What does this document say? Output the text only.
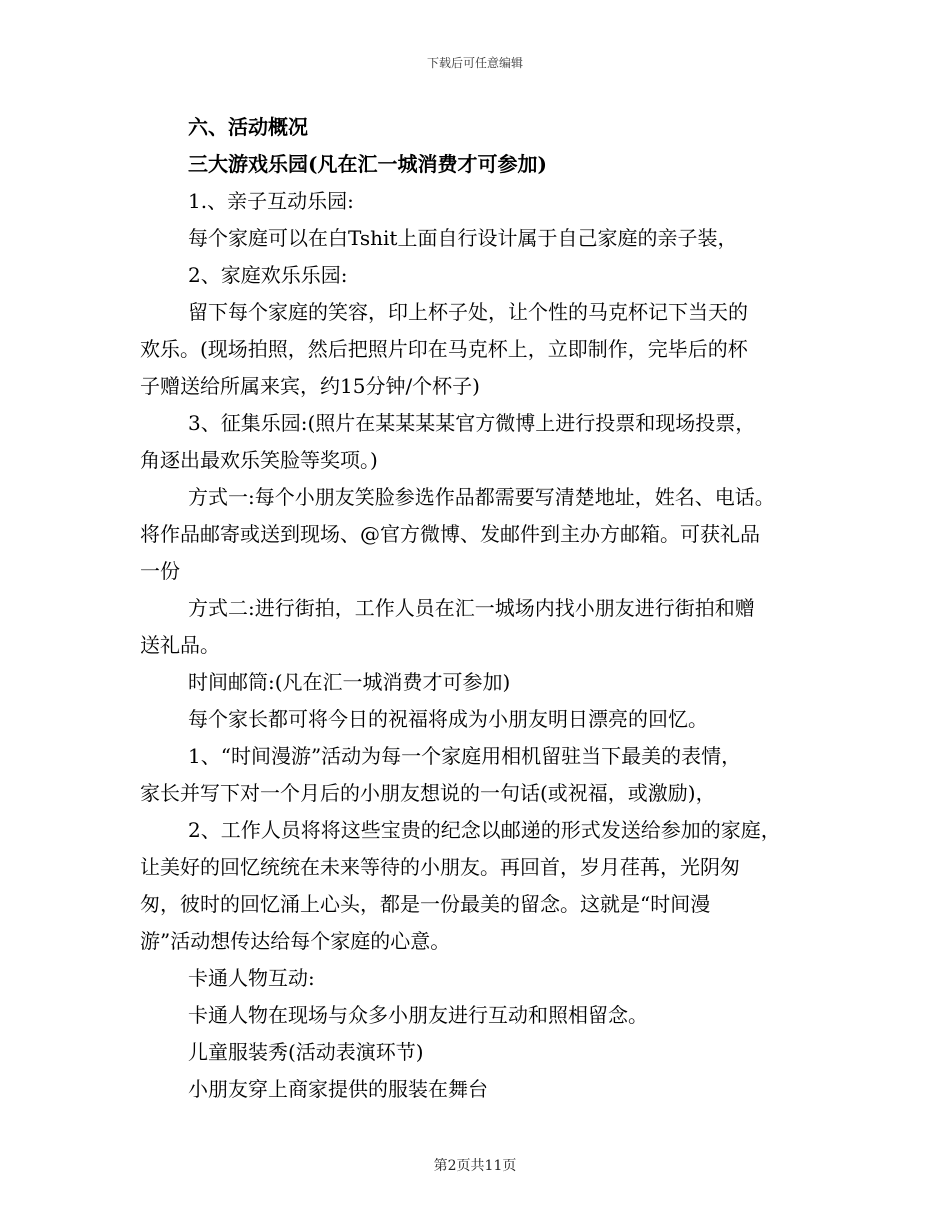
下载后可任意编辑
六、活动概况
三大游戏乐园(凡在汇一城消费才可参加)
1.、亲子互动乐园:
每个家庭可以在白Tshit上面自行设计属于自己家庭的亲子装，
2、家庭欢乐乐园:
留下每个家庭的笑容，印上杯子处，让个性的马克杯记下当天的
欢乐。(现场拍照，然后把照片印在马克杯上，立即制作，完毕后的杯
子赠送给所属来宾，约15分钟/个杯子)
3、征集乐园:(照片在某某某某官方微博上进行投票和现场投票，
角逐出最欢乐笑脸等奖项。)
方式一:每个小朋友笑脸参选作品都需要写清楚地址，姓名、电话。
将作品邮寄或送到现场、@官方微博、发邮件到主办方邮箱。可获礼品
一份
方式二:进行街拍，工作人员在汇一城场内找小朋友进行街拍和赠
送礼品。
时间邮筒:(凡在汇一城消费才可参加)
每个家长都可将今日的祝福将成为小朋友明日漂亮的回忆。
1、“时间漫游”活动为每一个家庭用相机留驻当下最美的表情，
家长并写下对一个月后的小朋友想说的一句话(或祝福，或激励)，
2、工作人员将将这些宝贵的纪念以邮递的形式发送给参加的家庭，
让美好的回忆统统在未来等待的小朋友。再回首，岁月荏苒，光阴匆
匆，彼时的回忆涌上心头，都是一份最美的留念。这就是“时间漫
游”活动想传达给每个家庭的心意。
卡通人物互动:
卡通人物在现场与众多小朋友进行互动和照相留念。
儿童服装秀(活动表演环节)
小朋友穿上商家提供的服装在舞台
第2页共11页
